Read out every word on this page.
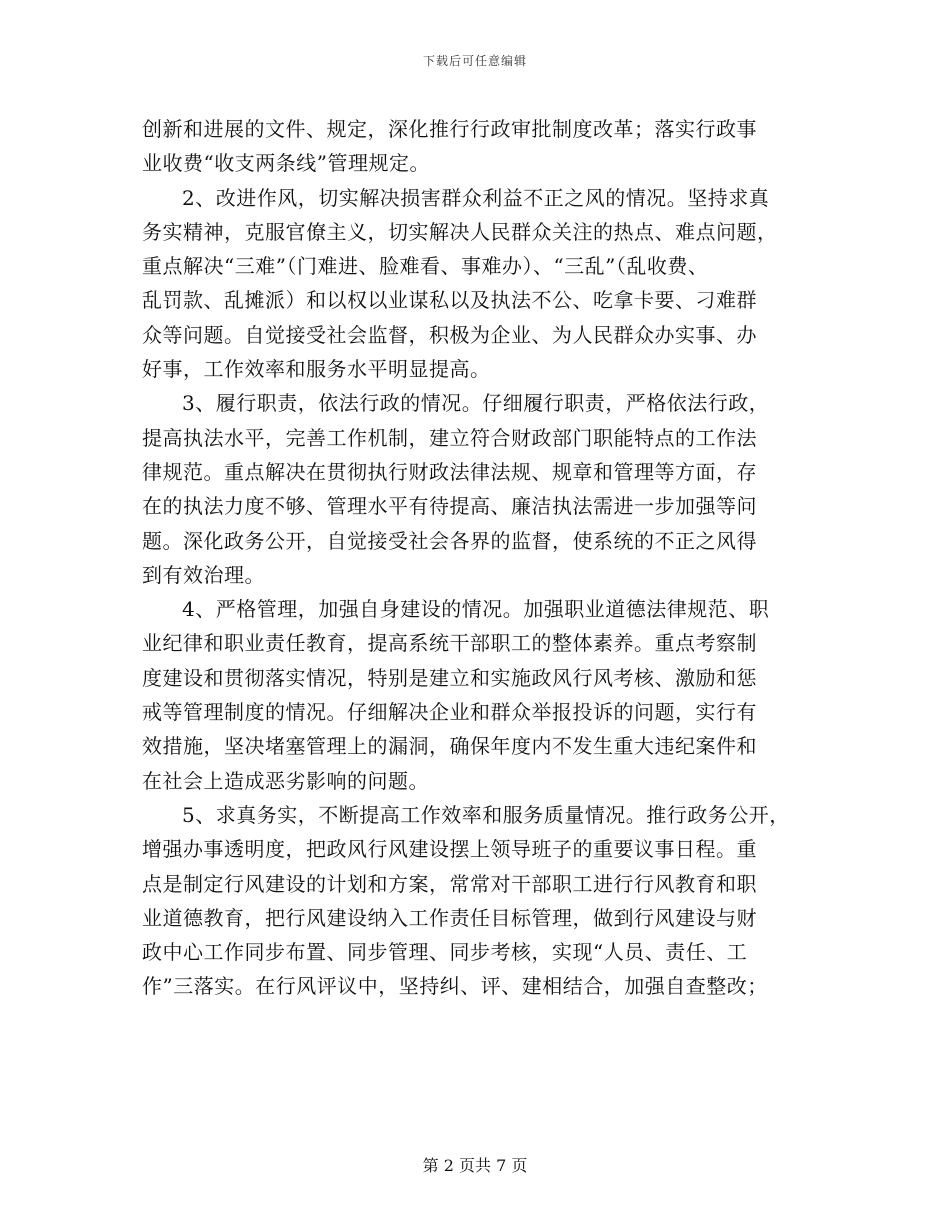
下载后可任意编辑
创新和进展的文件、规定，深化推行行政审批制度改革；落实行政事
业收费“收支两条线”管理规定。
2、改进作风，切实解决损害群众利益不正之风的情况。坚持求真
务实精神，克服官僚主义，切实解决人民群众关注的热点、难点问题，
重点解决“三难”（门难进、脸难看、事难办）、“三乱”（乱收费、
乱罚款、乱摊派）和以权以业谋私以及执法不公、吃拿卡要、刁难群
众等问题。自觉接受社会监督，积极为企业、为人民群众办实事、办
好事，工作效率和服务水平明显提高。
3、履行职责，依法行政的情况。仔细履行职责，严格依法行政，
提高执法水平，完善工作机制，建立符合财政部门职能特点的工作法
律规范。重点解决在贯彻执行财政法律法规、规章和管理等方面，存
在的执法力度不够、管理水平有待提高、廉洁执法需进一步加强等问
题。深化政务公开，自觉接受社会各界的监督，使系统的不正之风得
到有效治理。
4、严格管理，加强自身建设的情况。加强职业道德法律规范、职
业纪律和职业责任教育，提高系统干部职工的整体素养。重点考察制
度建设和贯彻落实情况，特别是建立和实施政风行风考核、激励和惩
戒等管理制度的情况。仔细解决企业和群众举报投诉的问题，实行有
效措施，坚决堵塞管理上的漏洞，确保年度内不发生重大违纪案件和
在社会上造成恶劣影响的问题。
5、求真务实，不断提高工作效率和服务质量情况。推行政务公开，
增强办事透明度，把政风行风建设摆上领导班子的重要议事日程。重
点是制定行风建设的计划和方案，常常对干部职工进行行风教育和职
业道德教育，把行风建设纳入工作责任目标管理，做到行风建设与财
政中心工作同步布置、同步管理、同步考核，实现“人员、责任、工
作”三落实。在行风评议中，坚持纠、评、建相结合，加强自查整改；
第 2 页共 7 页
